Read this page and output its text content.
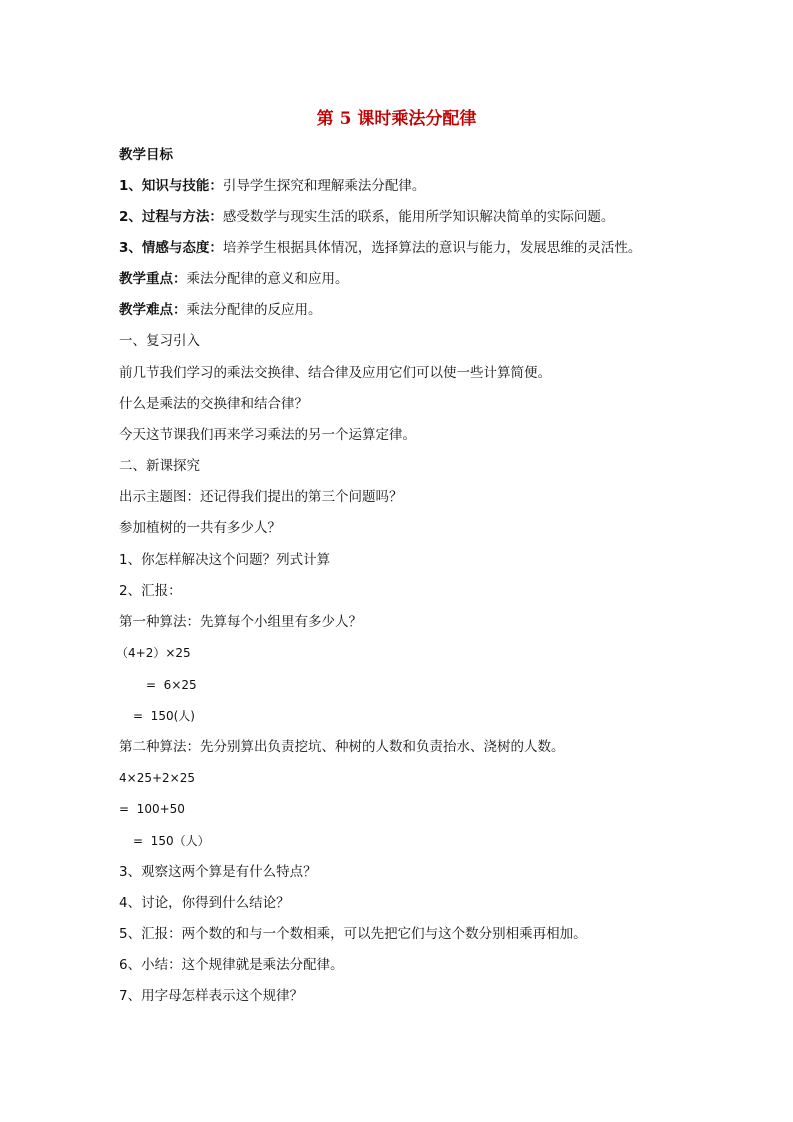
第 5 课时乘法分配律
教学目标
1、知识与技能：引导学生探究和理解乘法分配律。
2、过程与方法：感受数学与现实生活的联系，能用所学知识解决简单的实际问题。
3、情感与态度：培养学生根据具体情况，选择算法的意识与能力，发展思维的灵活性。
教学重点：乘法分配律的意义和应用。
教学难点：乘法分配律的反应用。
一、复习引入
前几节我们学习的乘法交换律、结合律及应用它们可以使一些计算简便。
什么是乘法的交换律和结合律？
今天这节课我们再来学习乘法的另一个运算定律。
二、新课探究
出示主题图：还记得我们提出的第三个问题吗？
参加植树的一共有多少人？
1、你怎样解决这个问题？列式计算
2、汇报：
第一种算法：先算每个小组里有多少人？
（4+2）×25
=  6×25
=  150(人)
第二种算法：先分别算出负责挖坑、种树的人数和负责抬水、浇树的人数。
4×25+2×25
=  100+50
=  150（人）
3、观察这两个算是有什么特点？
4、讨论，你得到什么结论？
5、汇报：两个数的和与一个数相乘，可以先把它们与这个数分别相乘再相加。
6、小结：这个规律就是乘法分配律。
7、用字母怎样表示这个规律？
